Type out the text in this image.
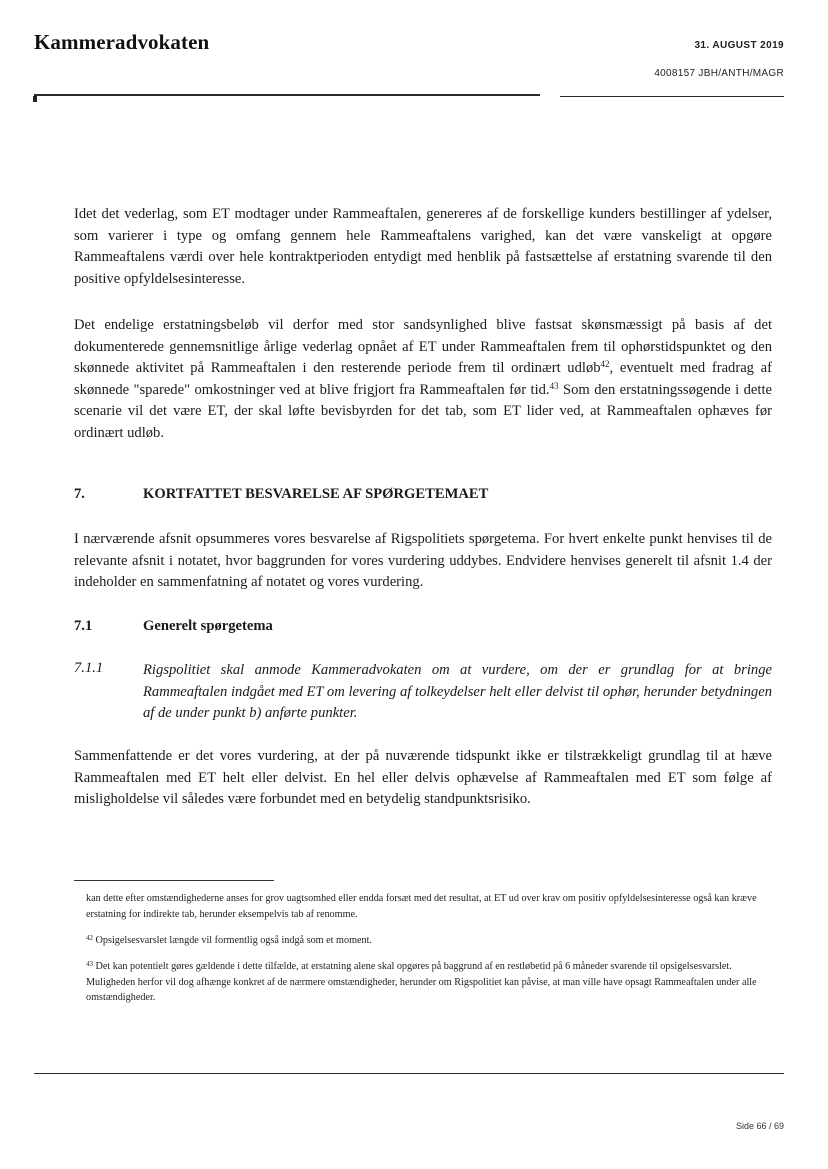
Kammeradvokaten	31. AUGUST 2019
4008157 JBH/ANTH/MAGR

Idet det vederlag, som ET modtager under Rammeaftalen, genereres af de forskellige kunders bestillinger af ydelser, som varierer i type og omfang gennem hele Rammeaftalens varighed, kan det være vanskeligt at opgøre Rammeaftalens værdi over hele kontraktperioden entydigt med henblik på fastsættelse af erstatning svarende til den positive opfyldelsesinteresse.

Det endelige erstatningsbeløb vil derfor med stor sandsynlighed blive fastsat skønsmæssigt på basis af det dokumenterede gennemsnitlige årlige vederlag opnået af ET under Rammeaftalen frem til ophørstidspunktet og den skønnede aktivitet på Rammeaftalen i den resterende periode frem til ordinært udløb$^{42}$, eventuelt med fradrag af skønnede "sparede" omkostninger ved at blive frigjort fra Rammeaftalen før tid.$^{43}$ Som den erstatningssøgende i dette scenarie vil det være ET, der skal løfte bevisbyrden for det tab, som ET lider ved, at Rammeaftalen ophæves før ordinært udløb.

7.	KORTFATTET BESVARELSE AF SPØRGETEMAET

I nærværende afsnit opsummeres vores besvarelse af Rigspolitiets spørgetema. For hvert enkelte punkt henvises til de relevante afsnit i notatet, hvor baggrunden for vores vurdering uddybes. Endvidere henvises generelt til afsnit 1.4 der indeholder en sammenfatning af notatet og vores vurdering.

7.1	Generelt spørgetema
7.1.1	Rigspolitiet skal anmode Kammeradvokaten om at vurdere, om der er grundlag for at bringe Rammeaftalen indgået med ET om levering af tolkeydelser helt eller delvist til ophør, herunder betydningen af de under punkt b) anførte punkter.

Sammenfattende er det vores vurdering, at der på nuværende tidspunkt ikke er tilstrækkeligt grundlag til at hæve Rammeaftalen med ET helt eller delvist. En hel eller delvis ophævelse af Rammeaftalen med ET som følge af misligholdelse vil således være forbundet med en betydelig standpunktsrisiko.

kan dette efter omstændighederne anses for grov uagtsomhed eller endda forsæt med det resultat, at ET ud over krav om positiv opfyldelsesinteresse også kan kræve erstatning for indirekte tab, herunder eksempelvis tab af renomme.
$^{42}$ Opsigelsesvarslet længde vil formentlig også indgå som et moment.
$^{43}$ Det kan potentielt gøres gældende i dette tilfælde, at erstatning alene skal opgøres på baggrund af en restløbetid på 6 måneder svarende til opsigelsesvarslet. Muligheden herfor vil dog afhænge konkret af de nærmere omstændigheder, herunder om Rigspolitiet kan påvise, at man ville have opsagt Rammeaftalen under alle omstændigheder.
Side 66 / 69
